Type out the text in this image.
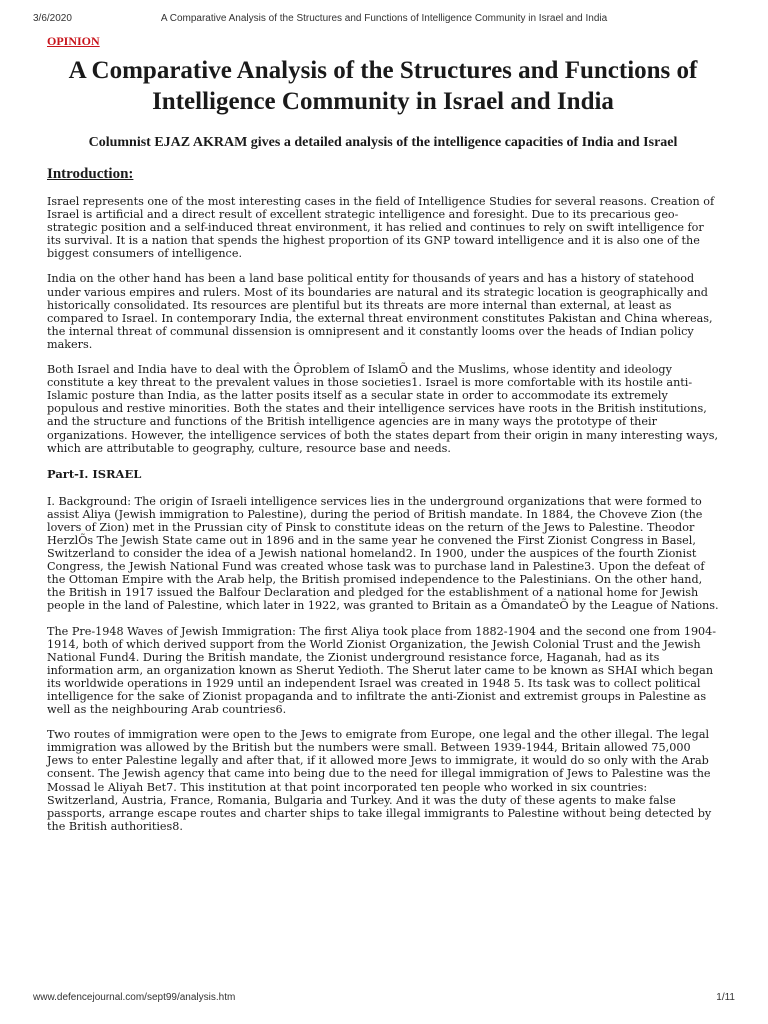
3/6/2020	A Comparative Analysis of the Structures and Functions of Intelligence Community in Israel and India
OPINION
A Comparative Analysis of the Structures and Functions of Intelligence Community in Israel and India
Columnist EJAZ AKRAM gives a detailed analysis of the intelligence capacities of India and Israel
Introduction:

Israel represents one of the most interesting cases in the field of Intelligence Studies for several reasons. Creation of Israel is artificial and a direct result of excellent strategic intelligence and foresight. Due to its precarious geo-strategic position and a self-induced threat environment, it has relied and continues to rely on swift intelligence for its survival. It is a nation that spends the highest proportion of its GNP toward intelligence and it is also one of the biggest consumers of intelligence.

India on the other hand has been a land base political entity for thousands of years and has a history of statehood under various empires and rulers. Most of its boundaries are natural and its strategic location is geographically and historically consolidated. Its resources are plentiful but its threats are more internal than external, at least as compared to Israel. In contemporary India, the external threat environment constitutes Pakistan and China whereas, the internal threat of communal dissension is omnipresent and it constantly looms over the heads of Indian policy makers.

Both Israel and India have to deal with the Ôproblem of IslamÕ and the Muslims, whose identity and ideology constitute a key threat to the prevalent values in those societies1. Israel is more comfortable with its hostile anti-Islamic posture than India, as the latter posits itself as a secular state in order to accommodate its extremely populous and restive minorities. Both the states and their intelligence services have roots in the British institutions, and the structure and functions of the British intelligence agencies are in many ways the prototype of their organizations. However, the intelligence services of both the states depart from their origin in many interesting ways, which are attributable to geography, culture, resource base and needs.

Part-I. ISRAEL

I. Background: The origin of Israeli intelligence services lies in the underground organizations that were formed to assist Aliya (Jewish immigration to Palestine), during the period of British mandate. In 1884, the Choveve Zion (the lovers of Zion) met in the Prussian city of Pinsk to constitute ideas on the return of the Jews to Palestine. Theodor HerzlÕs The Jewish State came out in 1896 and in the same year he convened the First Zionist Congress in Basel, Switzerland to consider the idea of a Jewish national homeland2. In 1900, under the auspices of the fourth Zionist Congress, the Jewish National Fund was created whose task was to purchase land in Palestine3. Upon the defeat of the Ottoman Empire with the Arab help, the British promised independence to the Palestinians. On the other hand, the British in 1917 issued the Balfour Declaration and pledged for the establishment of a national home for Jewish people in the land of Palestine, which later in 1922, was granted to Britain as a ÔmandateÕ by the League of Nations.

The Pre-1948 Waves of Jewish Immigration: The first Aliya took place from 1882-1904 and the second one from 1904-1914, both of which derived support from the World Zionist Organization, the Jewish Colonial Trust and the Jewish National Fund4. During the British mandate, the Zionist underground resistance force, Haganah, had as its information arm, an organization known as Sherut Yedioth. The Sherut later came to be known as SHAI which began its worldwide operations in 1929 until an independent Israel was created in 1948 5. Its task was to collect political intelligence for the sake of Zionist propaganda and to infiltrate the anti-Zionist and extremist groups in Palestine as well as the neighbouring Arab countries6.

Two routes of immigration were open to the Jews to emigrate from Europe, one legal and the other illegal. The legal immigration was allowed by the British but the numbers were small. Between 1939-1944, Britain allowed 75,000 Jews to enter Palestine legally and after that, if it allowed more Jews to immigrate, it would do so only with the Arab consent. The Jewish agency that came into being due to the need for illegal immigration of Jews to Palestine was the Mossad le Aliyah Bet7. This institution at that point incorporated ten people who worked in six countries: Switzerland, Austria, France, Romania, Bulgaria and Turkey. And it was the duty of these agents to make false passports, arrange escape routes and charter ships to take illegal immigrants to Palestine without being detected by the British authorities8.

www.defencejournal.com/sept99/analysis.htm	1/11
